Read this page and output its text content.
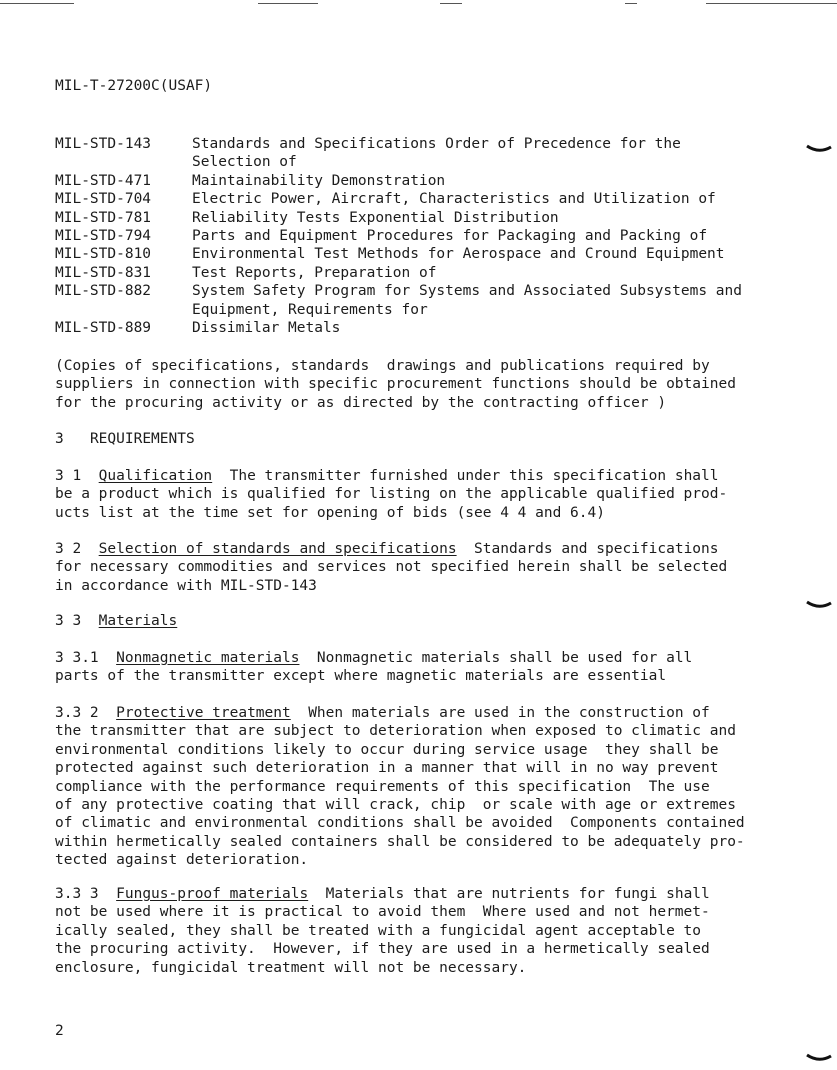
MIL-T-27200C(USAF)
MIL-STD-143	Standards and Specifications Order of Precedence for the Selection of
MIL-STD-471	Maintainability Demonstration
MIL-STD-704	Electric Power, Aircraft, Characteristics and Utilization of
MIL-STD-781	Reliability Tests Exponential Distribution
MIL-STD-794	Parts and Equipment Procedures for Packaging and Packing of
MIL-STD-810	Environmental Test Methods for Aerospace and Cround Equipment
MIL-STD-831	Test Reports, Preparation of
MIL-STD-882	System Safety Program for Systems and Associated Subsystems and Equipment, Requirements for
MIL-STD-889	Dissimilar Metals
(Copies of specifications, standards  drawings and publications required by
suppliers in connection with specific procurement functions should be obtained
for the procuring activity or as directed by the contracting officer )
3 REQUIREMENTS
3 1 Qualification  The transmitter furnished under this specification shall
be a product which is qualified for listing on the applicable qualified prod-
ucts list at the time set for opening of bids (see 4 4 and 6.4)
3 2 Selection of standards and specifications  Standards and specifications
for necessary commodities and services not specified herein shall be selected
in accordance with MIL-STD-143
3 3 Materials
3 3.1 Nonmagnetic materials  Nonmagnetic materials shall be used for all
parts of the transmitter except where magnetic materials are essential
3.3 2 Protective treatment  When materials are used in the construction of
the transmitter that are subject to deterioration when exposed to climatic and
environmental conditions likely to occur during service usage  they shall be
protected against such deterioration in a manner that will in no way prevent
compliance with the performance requirements of this specification  The use
of any protective coating that will crack, chip  or scale with age or extremes
of climatic and environmental conditions shall be avoided  Components contained
within hermetically sealed containers shall be considered to be adequately pro-
tected against deterioration.
3.3 3 Fungus-proof materials  Materials that are nutrients for fungi shall
not be used where it is practical to avoid them  Where used and not hermet-
ically sealed, they shall be treated with a fungicidal agent acceptable to
the procuring activity.  However, if they are used in a hermetically sealed
enclosure, fungicidal treatment will not be necessary.
2
